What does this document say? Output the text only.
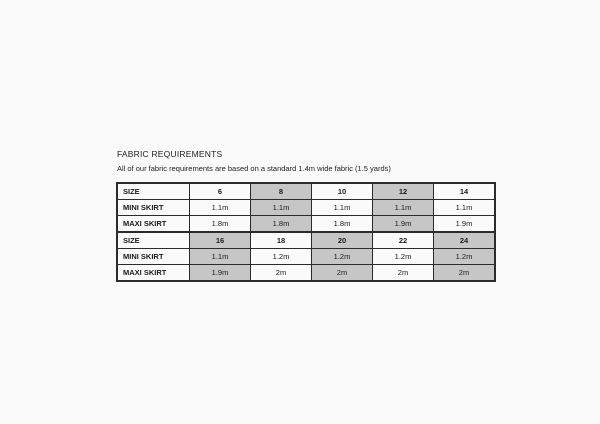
FABRIC REQUIREMENTS

All of our fabric requirements are based on a standard 1.4m wide fabric (1.5 yards)

SIZE	6	8	10	12	14
MINI SKIRT	1.1m	1.1m	1.1m	1.1m	1.1m
MAXI SKIRT	1.8m	1.8m	1.8m	1.9m	1.9m
SIZE	16	18	20	22	24
MINI SKIRT	1.1m	1.2m	1.2m	1.2m	1.2m
MAXI SKIRT	1.9m	2m	2m	2m	2m
